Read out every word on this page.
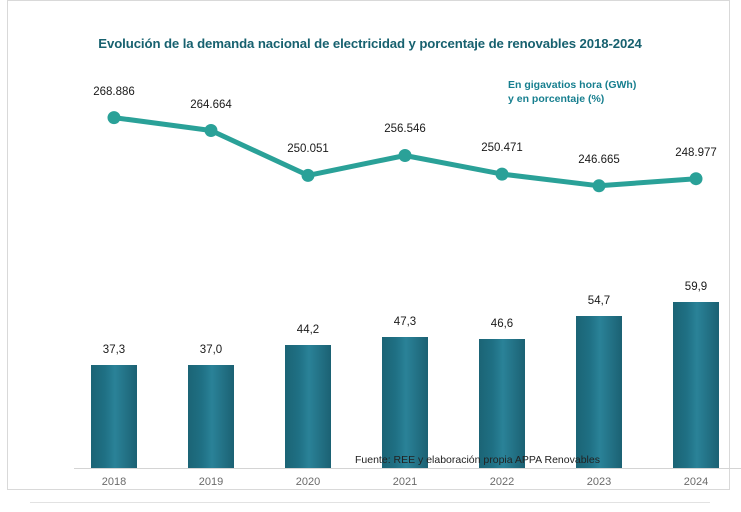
Evolución de la demanda nacional de electricidad y porcentaje de renovables 2018-2024
En gigavatios hora (GWh)
y en porcentaje (%)
268.886
264.664
250.051
256.546
250.471
246.665
248.977
37,3	37,0
44,2
47,3	46,6
54,7
59,9
2018	2019	2020	2021	2022	2023	2024
Fuente: REE y elaboración propia APPA Renovables
